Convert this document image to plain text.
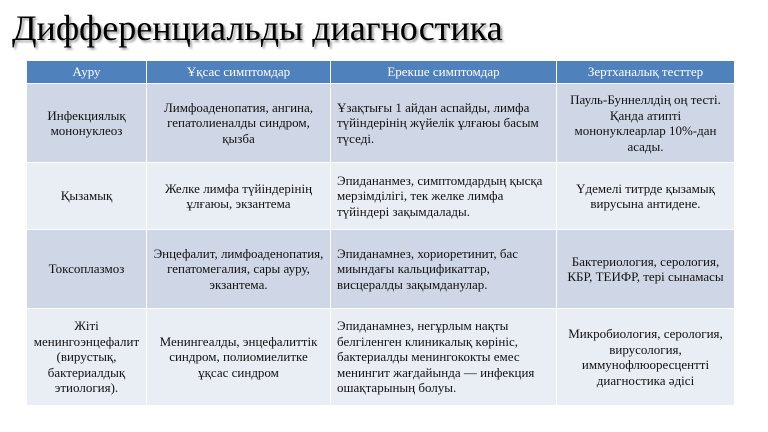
Дифференциальды диагностика
Ауру	Ұқсас симптомдар	Ерекше симптомдар	Зертханалық тесттер
Инфекциялық мононуклеоз	Лимфоаденопатия, ангина, гепатолиеналды синдром, қызба	Ұзақтығы 1 айдан аспайды, лимфа түйіндерінің жүйелік ұлғаюы басым түседі.	Пауль-Буннеллдің оң тесті. Қанда атипті мононуклеарлар 10%-дан асады.
Қызамық	Желке лимфа түйіндерінің ұлғаюы, экзантема	Эпидананмез, симптомдардың қысқа мерзімділігі, тек желке лимфа түйіндері зақымдалады.	Үдемелі титрде қызамық вирусына антиденe.
Токсоплазмоз	Энцефалит, лимфоаденопатия, гепатомегалия, сары ауру, экзантема.	Эпиданамнез, хориоретинит, бас миындағы кальцификаттар, висцералды зақымданулар.	Бактериология, серология, КБР, ТЕИФР, тері сынамасы
Жіті менингоэнцефалит (вирустық, бактериалдық этиология).	Менингеалды, энцефалиттік синдром, полиомиелитке ұқсас синдром	Эпиданамнез, негұрлым нақты белгіленген клиникалық көрініс, бактериалды менингококты емес менингит жағдайында — инфекция ошақтарының болуы.	Микробиология, серология, вирусология, иммунофлюоресценттi диагностика әдісі
